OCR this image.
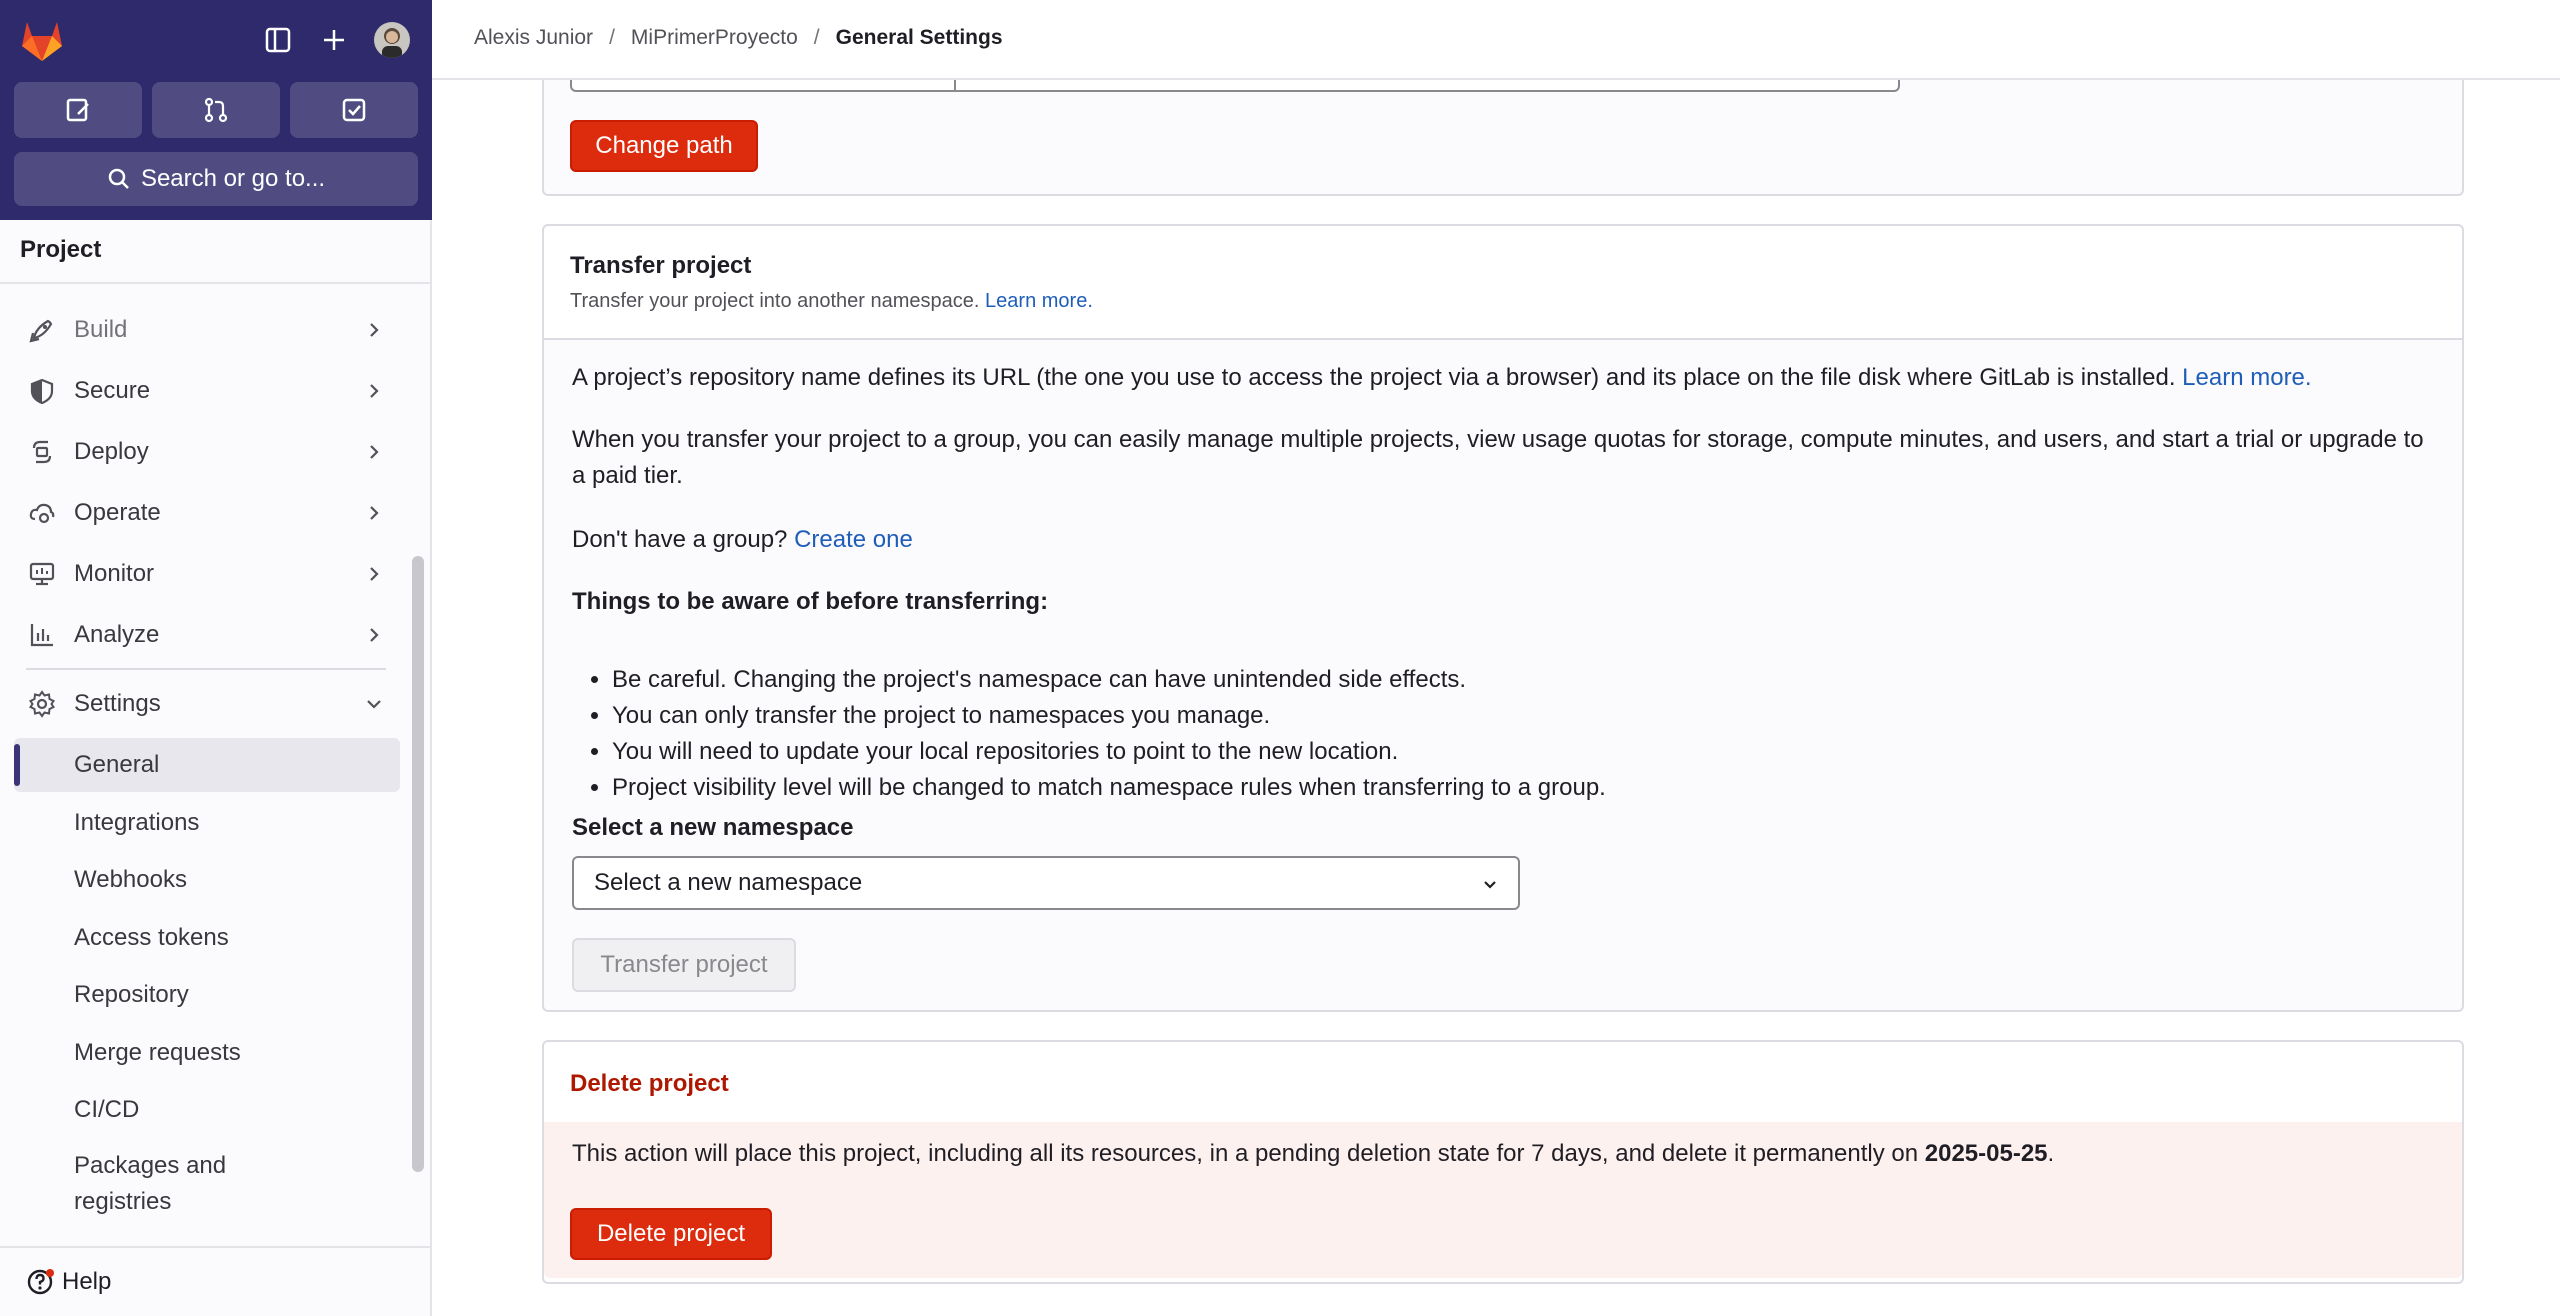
Search or go to...
Project
Build
Secure
Deploy
Operate
Monitor
Analyze
Settings
General
Integrations
Webhooks
Access tokens
Repository
Merge requests
CI/CD
Packages and registries
Help
Alexis Junior / MiPrimerProyecto / General Settings
Change path
Transfer project
Transfer your project into another namespace. Learn more.
A project’s repository name defines its URL (the one you use to access the project via a browser) and its place on the file disk where GitLab is installed. Learn more.
When you transfer your project to a group, you can easily manage multiple projects, view usage quotas for storage, compute minutes, and users, and start a trial or upgrade to a paid tier.
Don't have a group? Create one
Things to be aware of before transferring:
• Be careful. Changing the project's namespace can have unintended side effects.
• You can only transfer the project to namespaces you manage.
• You will need to update your local repositories to point to the new location.
• Project visibility level will be changed to match namespace rules when transferring to a group.
Select a new namespace
Select a new namespace
Transfer project
Delete project
This action will place this project, including all its resources, in a pending deletion state for 7 days, and delete it permanently on 2025-05-25.
Delete project
